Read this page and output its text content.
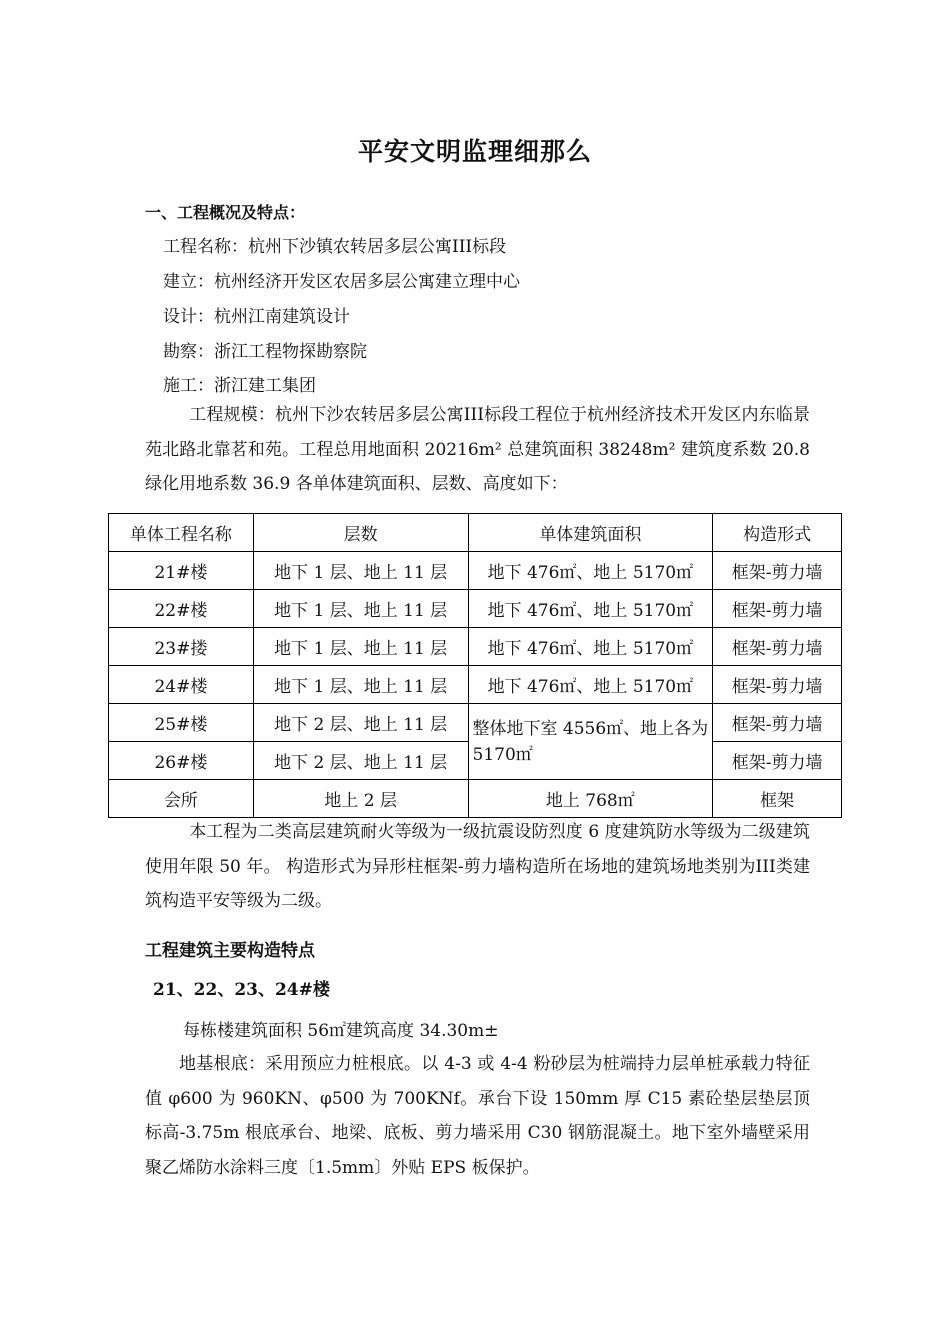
平安文明监理细那么
一、工程概况及特点：
工程名称：杭州下沙镇农转居多层公寓III标段
建立：杭州经济开发区农居多层公寓建立理中心
设计：杭州江南建筑设计
勘察：浙江工程物探勘察院
施工：浙江建工集团
工程规模：杭州下沙农转居多层公寓III标段工程位于杭州经济技术开发区内东临景苑北路北靠茗和苑。工程总用地面积 20216m² 总建筑面积 38248m² 建筑度系数 20.8 绿化用地系数 36.9 各单体建筑面积、层数、高度如下：
单体工程名称	层数	单体建筑面积	构造形式
21#楼	地下 1 层、地上 11 层	地下 476㎡、地上 5170㎡	框架-剪力墙
22#楼	地下 1 层、地上 11 层	地下 476㎡、地上 5170㎡	框架-剪力墙
23#搂	地下 1 层、地上 11 层	地下 476㎡、地上 5170㎡	框架-剪力墙
24#楼	地下 1 层、地上 11 层	地下 476㎡、地上 5170㎡	框架-剪力墙
25#楼	地下 2 层、地上 11 层	整体地下室 4556㎡、地上各为 5170㎡	框架-剪力墙
26#楼	地下 2 层、地上 11 层		框架-剪力墙
会所	地上 2 层	地上 768㎡	框架
本工程为二类高层建筑耐火等级为一级抗震设防烈度 6 度建筑防水等级为二级建筑使用年限 50 年。 构造形式为异形柱框架-剪力墙构造所在场地的建筑场地类别为III类建筑构造平安等级为二级。
工程建筑主要构造特点
21、22、23、24#楼
每栋楼建筑面积 56㎡建筑高度 34.30m±
地基根底：采用预应力桩根底。以 4-3 或 4-4 粉砂层为桩端持力层单桩承载力特征值 φ600 为 960KN、φ500 为 700KNf。承台下设 150mm 厚 C15 素砼垫层垫层顶标高-3.75m 根底承台、地梁、底板、剪力墙采用 C30 钢筋混凝土。地下室外墙壁采用聚乙烯防水涂料三度〔1.5mm〕外贴 EPS 板保护。
